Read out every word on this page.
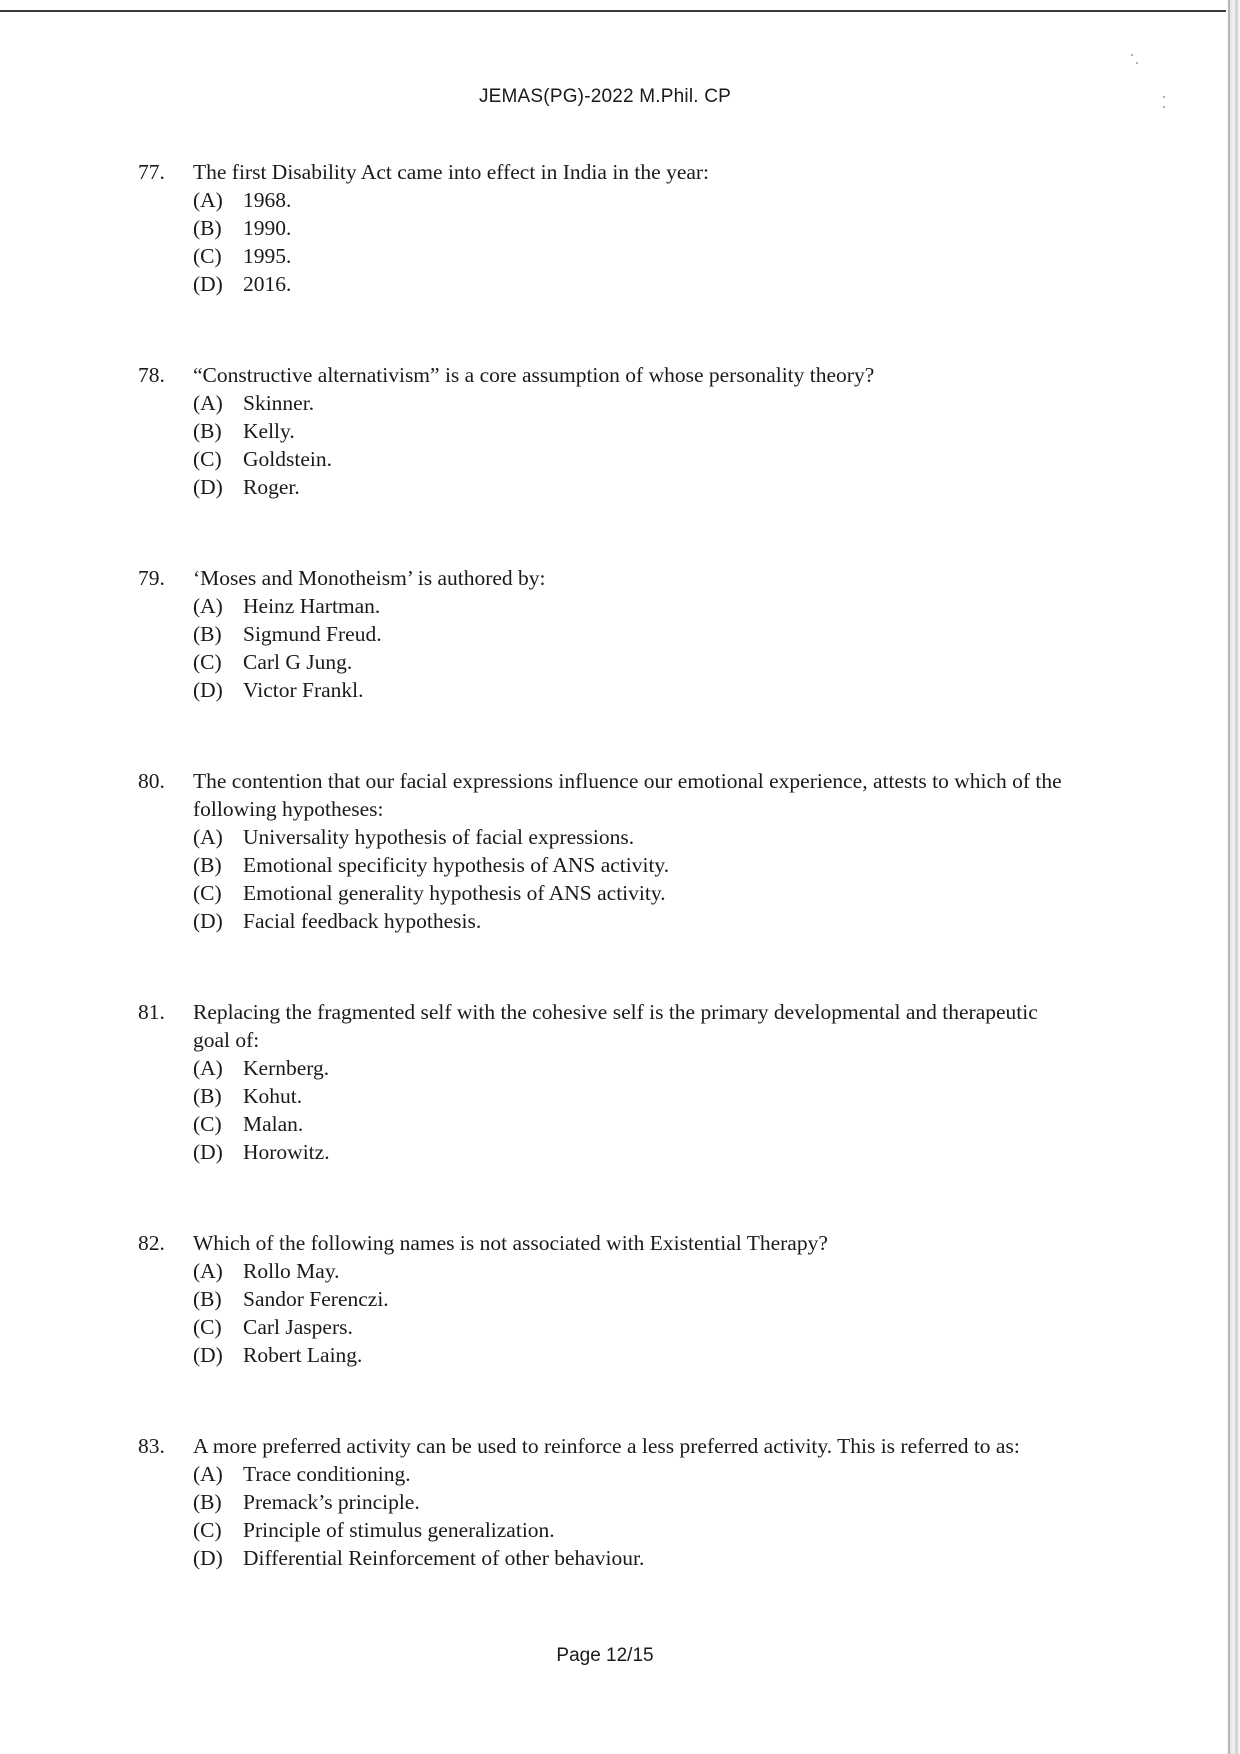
JEMAS(PG)-2022 M.Phil. CP
77.	The first Disability Act came into effect in India in the year:
(A) 1968.
(B) 1990.
(C) 1995.
(D) 2016.
78.	“Constructive alternativism” is a core assumption of whose personality theory?
(A) Skinner.
(B) Kelly.
(C) Goldstein.
(D) Roger.
79.	‘Moses and Monotheism’ is authored by:
(A) Heinz Hartman.
(B) Sigmund Freud.
(C) Carl G Jung.
(D) Victor Frankl.
80.	The contention that our facial expressions influence our emotional experience, attests to which of the following hypotheses:
(A) Universality hypothesis of facial expressions.
(B) Emotional specificity hypothesis of ANS activity.
(C) Emotional generality hypothesis of ANS activity.
(D) Facial feedback hypothesis.
81.	Replacing the fragmented self with the cohesive self is the primary developmental and therapeutic goal of:
(A) Kernberg.
(B) Kohut.
(C) Malan.
(D) Horowitz.
82.	Which of the following names is not associated with Existential Therapy?
(A) Rollo May.
(B) Sandor Ferenczi.
(C) Carl Jaspers.
(D) Robert Laing.
83.	A more preferred activity can be used to reinforce a less preferred activity. This is referred to as:
(A) Trace conditioning.
(B) Premack’s principle.
(C) Principle of stimulus generalization.
(D) Differential Reinforcement of other behaviour.
Page 12/15
